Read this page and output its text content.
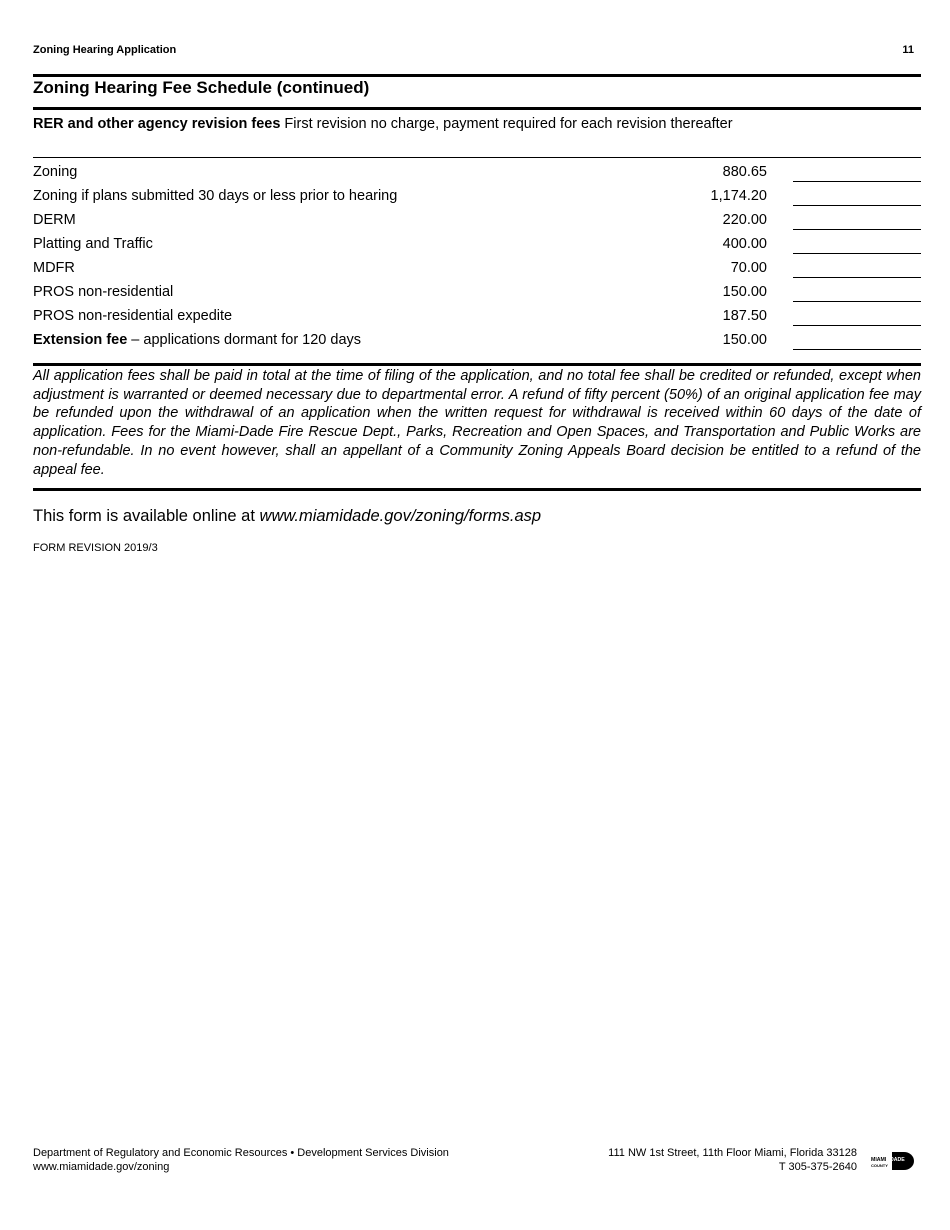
Zoning Hearing Application	11
Zoning Hearing Fee Schedule (continued)
RER and other agency revision fees First revision no charge, payment required for each revision thereafter
Zoning	880.65
Zoning if plans submitted 30 days or less prior to hearing	1,174.20
DERM	220.00
Platting and Traffic	400.00
MDFR	70.00
PROS non-residential	150.00
PROS non-residential expedite	187.50
Extension fee – applications dormant for 120 days	150.00
All application fees shall be paid in total at the time of filing of the application, and no total fee shall be credited or refunded, except when adjustment is warranted or deemed necessary due to departmental error. A refund of fifty percent (50%) of an original application fee may be refunded upon the withdrawal of an application when the written request for withdrawal is received within 60 days of the date of application. Fees for the Miami-Dade Fire Rescue Dept., Parks, Recreation and Open Spaces, and Transportation and Public Works are non-refundable. In no event however, shall an appellant of a Community Zoning Appeals Board decision be entitled to a refund of the appeal fee.
This form is available online at www.miamidade.gov/zoning/forms.asp
FORM REVISION 2019/3
Department of Regulatory and Economic Resources • Development Services Division
www.miamidade.gov/zoning
111 NW 1st Street, 11th Floor Miami, Florida 33128
T 305-375-2640
MIAMI DADE
COUNTY
